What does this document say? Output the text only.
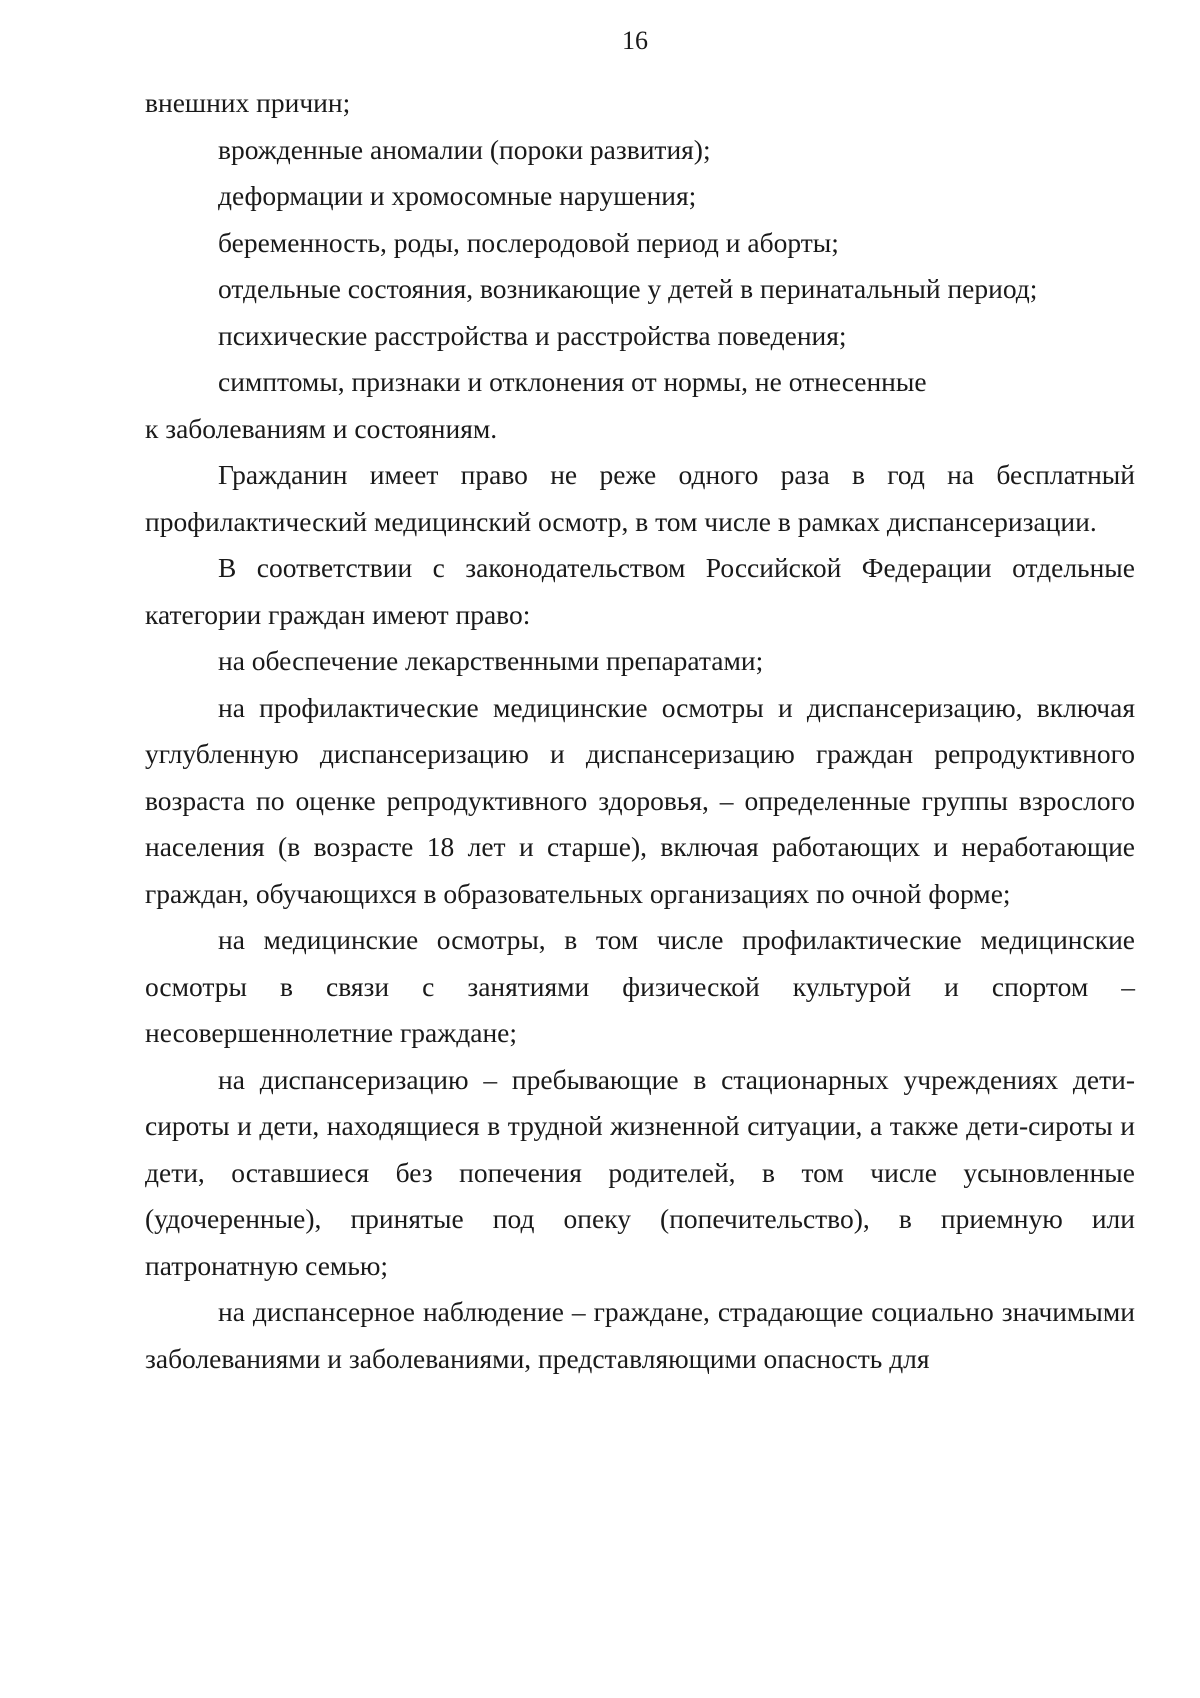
16

внешних причин;

врожденные аномалии (пороки развития);

деформации и хромосомные нарушения;

беременность, роды, послеродовой период и аборты;

отдельные состояния, возникающие у детей в перинатальный период;

психические расстройства и расстройства поведения;

симптомы, признаки и отклонения от нормы, не отнесенные

к заболеваниям и состояниям.

Гражданин имеет право не реже одного раза в год на бесплатный профилактический медицинский осмотр, в том числе в рамках диспансеризации.

В соответствии с законодательством Российской Федерации отдельные категории граждан имеют право:

на обеспечение лекарственными препаратами;

на профилактические медицинские осмотры и диспансеризацию, включая углубленную диспансеризацию и диспансеризацию граждан репродуктивного возраста по оценке репродуктивного здоровья, – определенные группы взрослого населения (в возрасте 18 лет и старше), включая работающих и неработающие граждан, обучающихся в образовательных организациях по очной форме;

на медицинские осмотры, в том числе профилактические медицинские осмотры в связи с занятиями физической культурой и спортом – несовершеннолетние граждане;

на диспансеризацию – пребывающие в стационарных учреждениях дети-сироты и дети, находящиеся в трудной жизненной ситуации, а также дети-сироты и дети, оставшиеся без попечения родителей, в том числе усыновленные (удочеренные), принятые под опеку (попечительство), в приемную или патронатную семью;

на диспансерное наблюдение – граждане, страдающие социально значимыми заболеваниями и заболеваниями, представляющими опасность для
